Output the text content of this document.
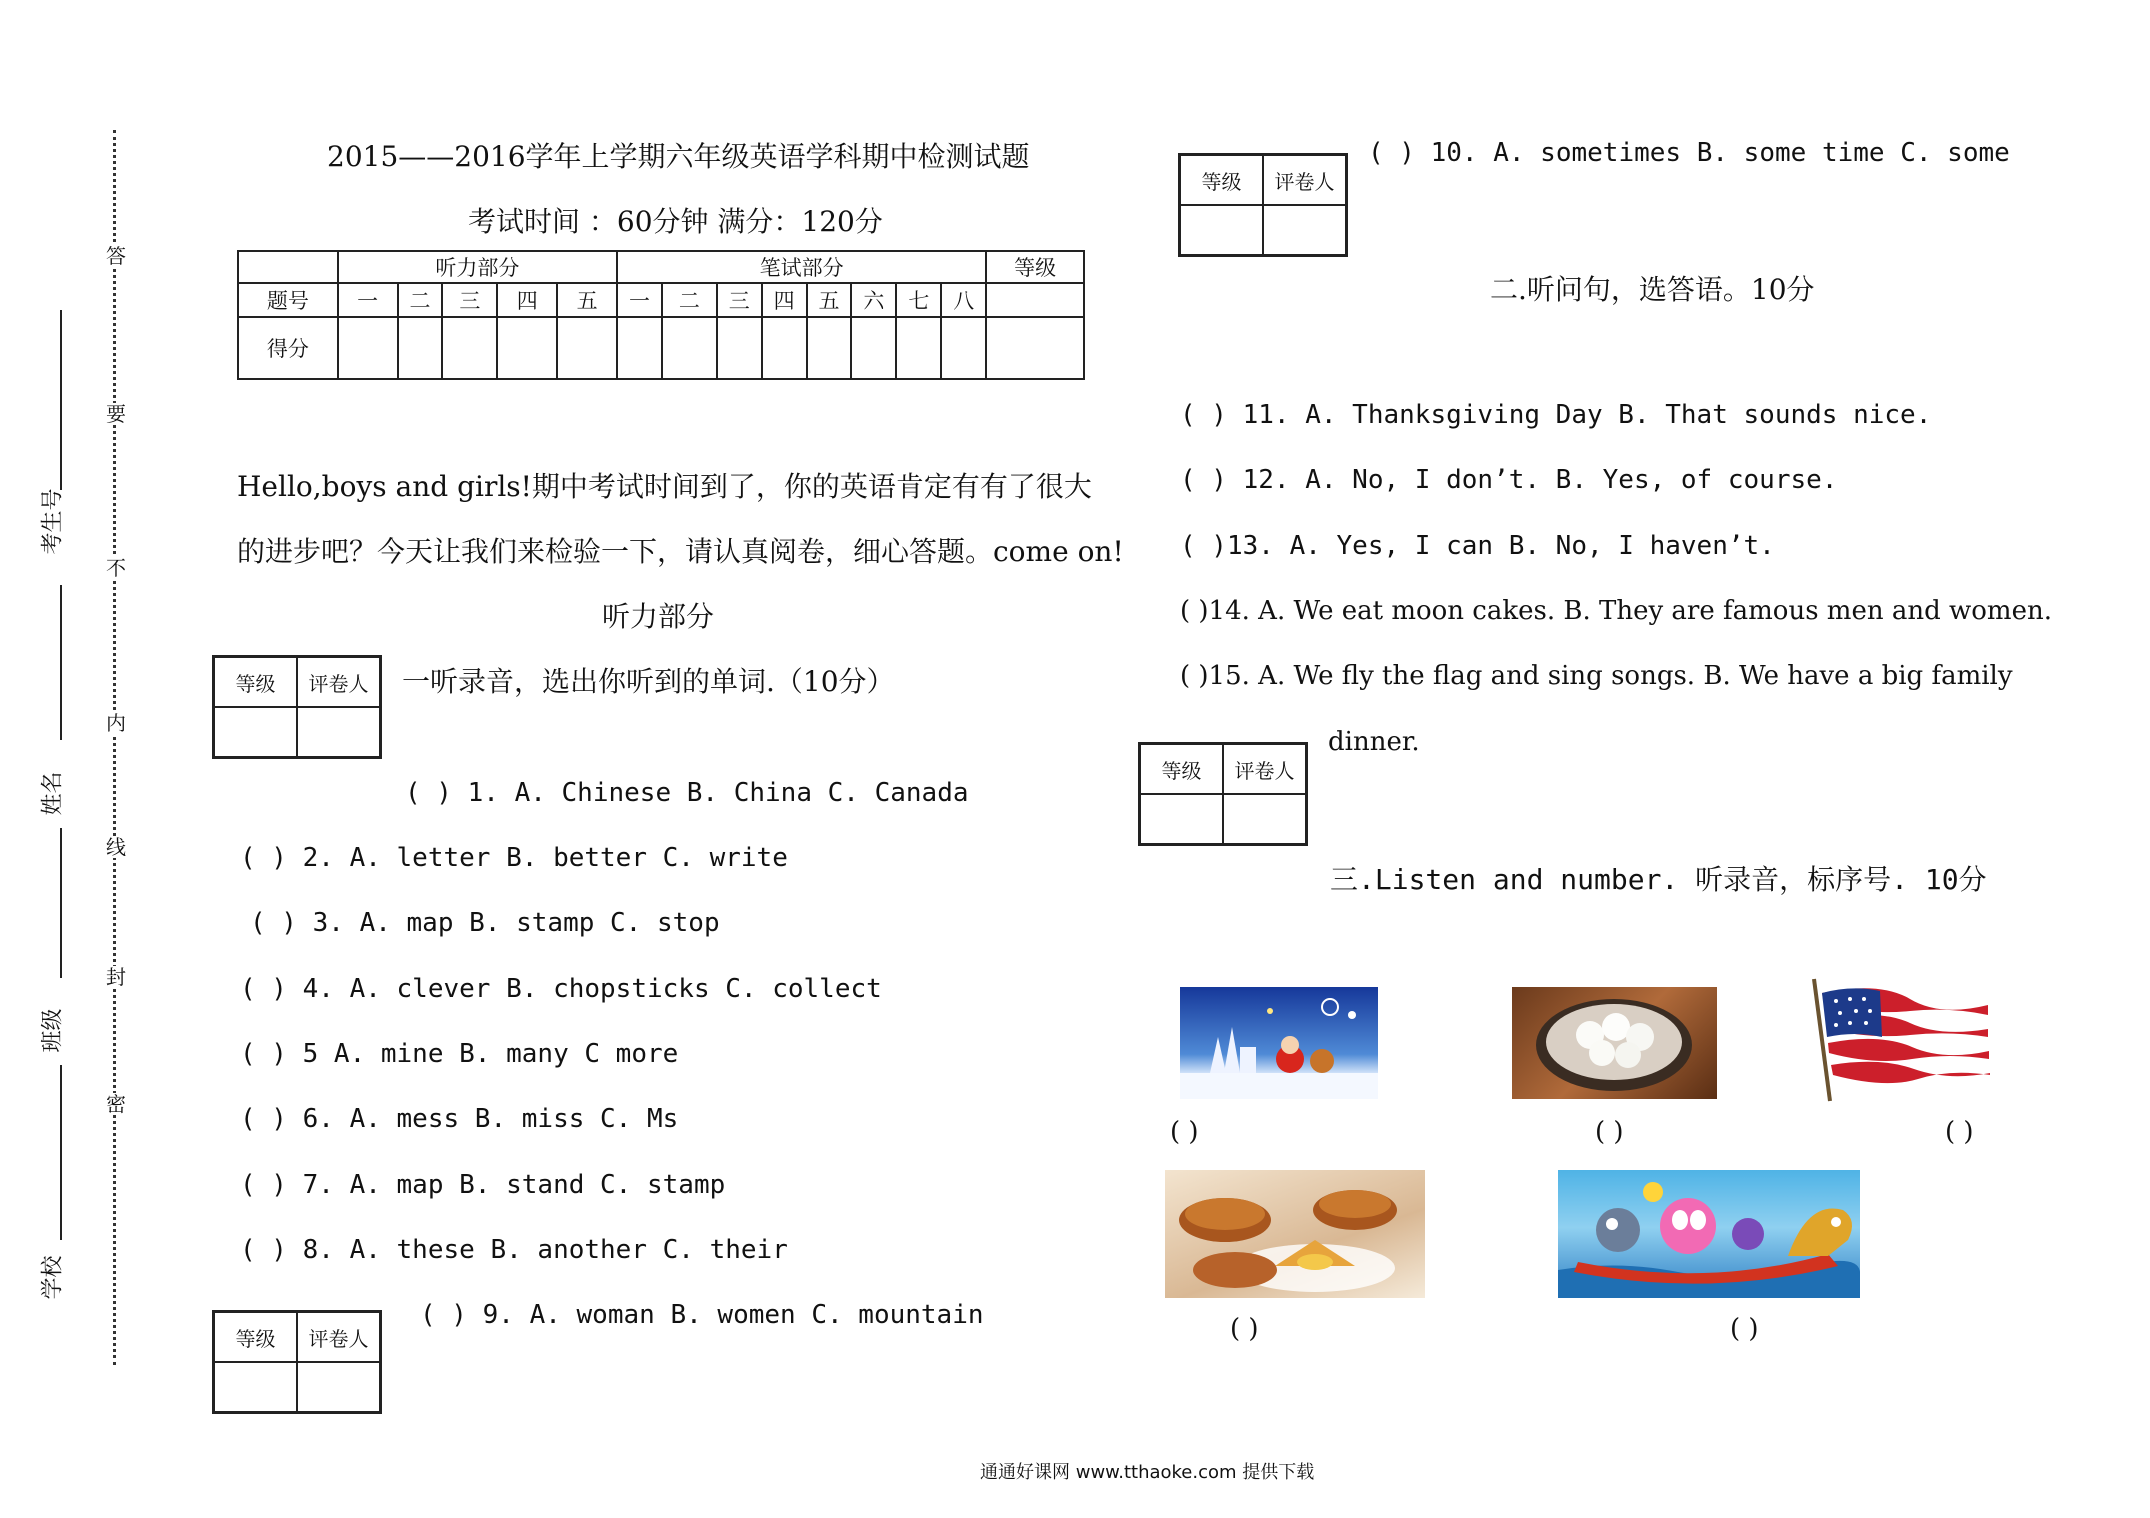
答
要
不
内
线
封
密
考生号
姓名
班级
学校
2015——2016学年上学期六年级英语学科期中检测试题
考试时间 ：60分钟 满分：120分
	听力部分					笔试部分								等级
题号	一	二	三	四	五	一	二	三	四	五	六	七	八	
得分														
Hello,boys and girls!期中考试时间到了，你的英语肯定有有了很大
的进步吧？今天让我们来检验一下，请认真阅卷，细心答题。come on!
听力部分
等级	评卷人
等级	评卷人
等级	评卷人
等级	评卷人
一听录音，选出你听到的单词.（10分）
( ) 1. A. Chinese B. China C. Canada
( ) 2. A. letter B. better C. write
( ) 3. A. map B. stamp C. stop
( ) 4. A. clever B. chopsticks C. collect
( ) 5 A. mine B. many C more
( ) 6. A. mess B. miss C. Ms
( ) 7. A. map B. stand C. stamp
( ) 8. A. these B. another C. their
( ) 9. A. woman B. women C. mountain
( ) 10. A. sometimes B. some time C. some
二.听问句，选答语。10分
( ) 11. A. Thanksgiving Day B. That sounds nice.
( ) 12. A. No, I don’t. B. Yes, of course.
( )13. A. Yes, I can B. No, I haven’t.
( )14. A. We eat moon cakes. B. They are famous men and women.
( )15. A. We fly the flag and sing songs. B. We have a big family
dinner.
三.Listen and number. 听录音，标序号. 10分
( )	( )	( )
( )	( )
通通好课网 www.tthaoke.com 提供下载
